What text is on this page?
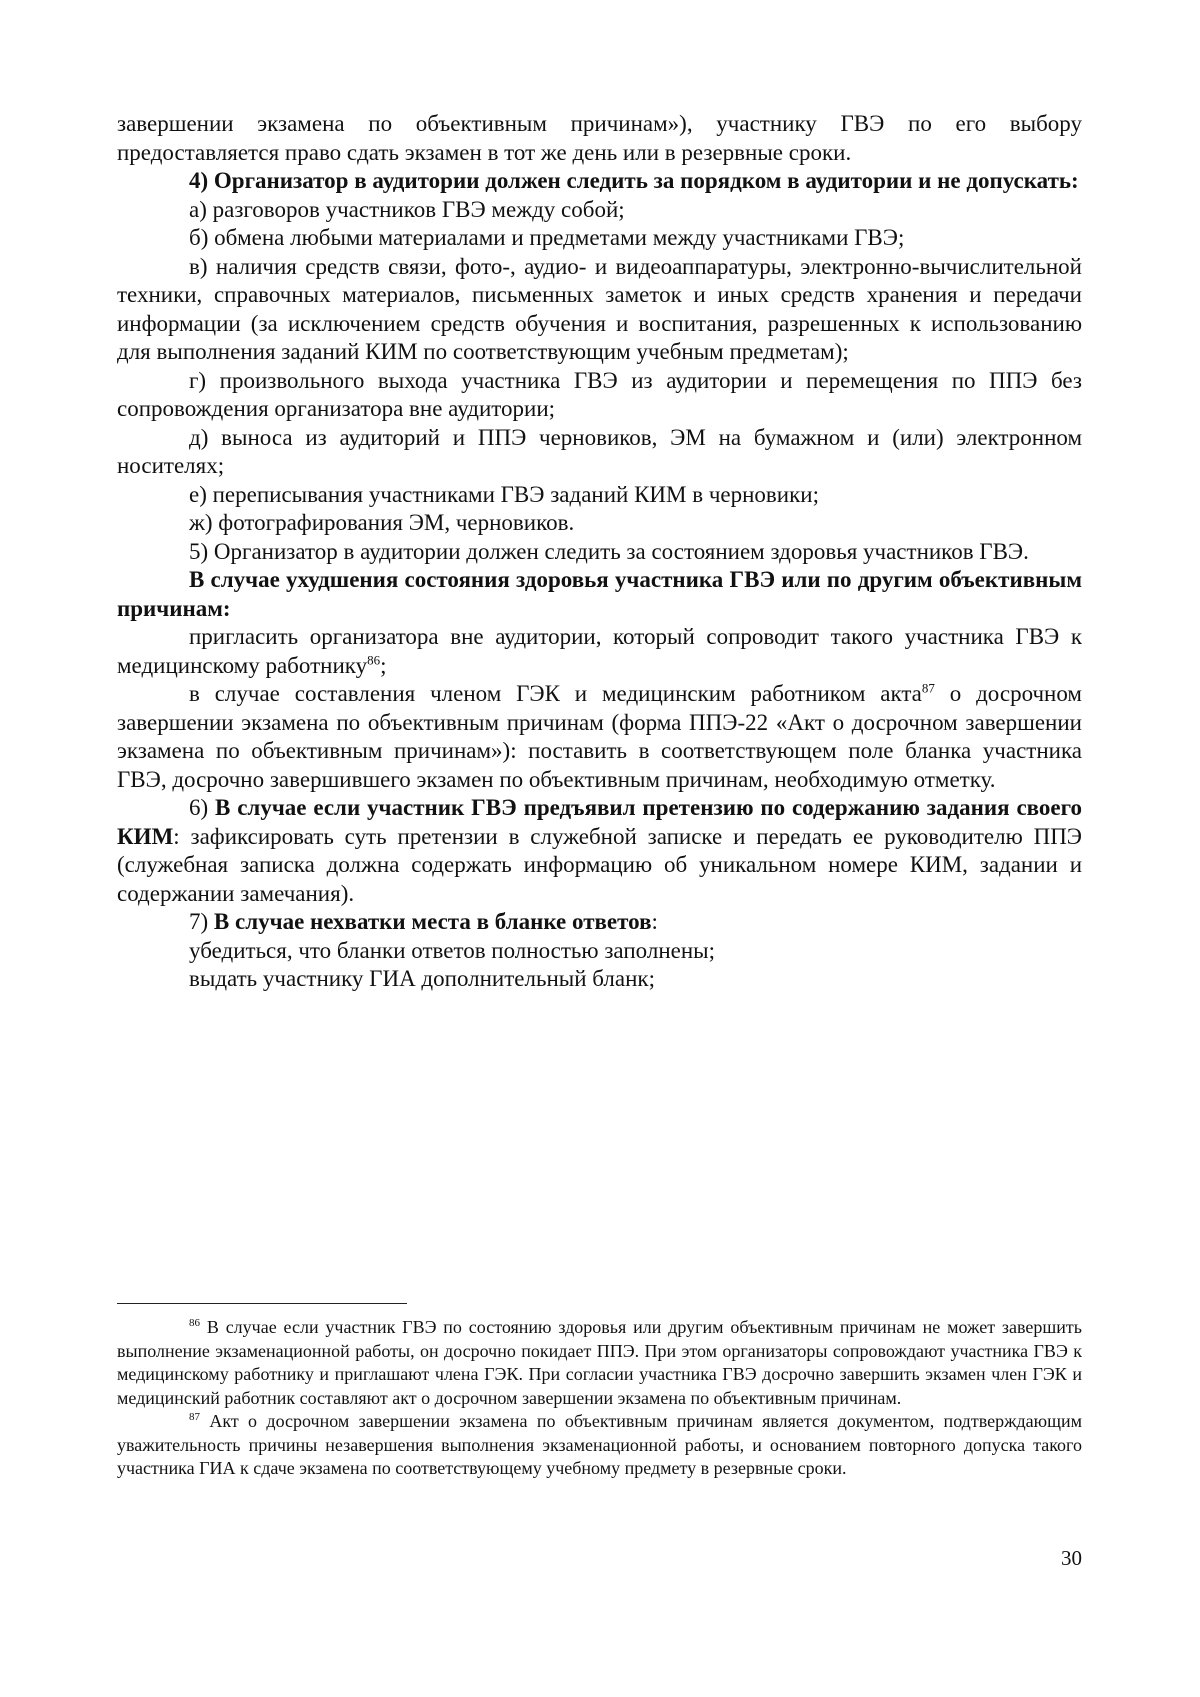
завершении экзамена по объективным причинам»), участнику ГВЭ по его выбору предоставляется право сдать экзамен в тот же день или в резервные сроки.

4) Организатор в аудитории должен следить за порядком в аудитории и не допускать:

а) разговоров участников ГВЭ между собой;

б) обмена любыми материалами и предметами между участниками ГВЭ;

в) наличия средств связи, фото-, аудио- и видеоаппаратуры, электронно-вычислительной техники, справочных материалов, письменных заметок и иных средств хранения и передачи информации (за исключением средств обучения и воспитания, разрешенных к использованию для выполнения заданий КИМ по соответствующим учебным предметам);

г) произвольного выхода участника ГВЭ из аудитории и перемещения по ППЭ без сопровождения организатора вне аудитории;

д) выноса из аудиторий и ППЭ черновиков, ЭМ на бумажном и (или) электронном носителях;

е) переписывания участниками ГВЭ заданий КИМ в черновики;

ж) фотографирования ЭМ, черновиков.

5) Организатор в аудитории должен следить за состоянием здоровья участников ГВЭ.

В случае ухудшения состояния здоровья участника ГВЭ или по другим объективным причинам:

пригласить организатора вне аудитории, который сопроводит такого участника ГВЭ к медицинскому работнику$^{86}$;

в случае составления членом ГЭК и медицинским работником акта$^{87}$ о досрочном завершении экзамена по объективным причинам (форма ППЭ-22 «Акт о досрочном завершении экзамена по объективным причинам»): поставить в соответствующем поле бланка участника ГВЭ, досрочно завершившего экзамен по объективным причинам, необходимую отметку.

6) В случае если участник ГВЭ предъявил претензию по содержанию задания своего КИМ: зафиксировать суть претензии в служебной записке и передать ее руководителю ППЭ (служебная записка должна содержать информацию об уникальном номере КИМ, задании и содержании замечания).

7) В случае нехватки места в бланке ответов:

убедиться, что бланки ответов полностью заполнены;

выдать участнику ГИА дополнительный бланк;

$^{86}$ В случае если участник ГВЭ по состоянию здоровья или другим объективным причинам не может завершить выполнение экзаменационной работы, он досрочно покидает ППЭ. При этом организаторы сопровождают участника ГВЭ к медицинскому работнику и приглашают члена ГЭК. При согласии участника ГВЭ досрочно завершить экзамен член ГЭК и медицинский работник составляют акт о досрочном завершении экзамена по объективным причинам.

$^{87}$ Акт о досрочном завершении экзамена по объективным причинам является документом, подтверждающим уважительность причины незавершения выполнения экзаменационной работы, и основанием повторного допуска такого участника ГИА к сдаче экзамена по соответствующему учебному предмету в резервные сроки.

30
